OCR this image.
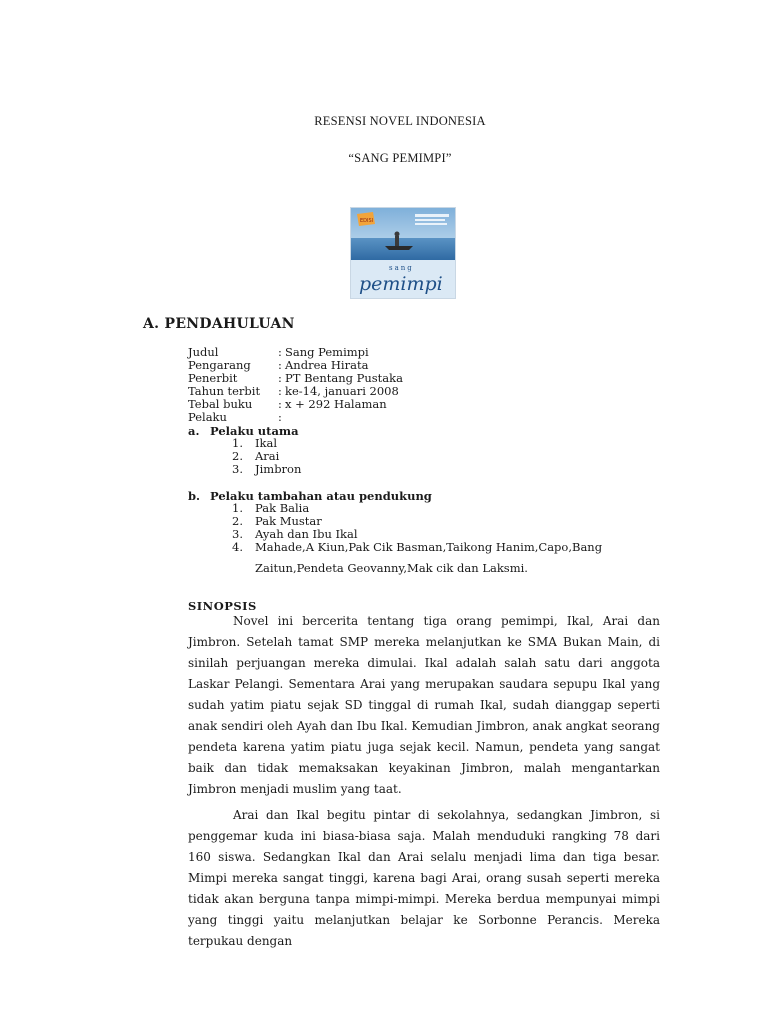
RESENSI NOVEL INDONESIA
“SANG PEMIMPI”
EDISI
sang
pemimpi
A. PENDAHULUAN
Judul	: Sang Pemimpi
Pengarang	: Andrea Hirata
Penerbit	: PT Bentang Pustaka
Tahun terbit	: ke-14, januari 2008
Tebal buku	: x + 292 Halaman
Pelaku	:
a. Pelaku utama
1.	Ikal
2.	Arai
3.	Jimbron
b. Pelaku tambahan atau pendukung
1.	Pak Balia
2.	Pak Mustar
3.	Ayah dan Ibu Ikal
4.	Mahade,A Kiun,Pak Cik Basman,Taikong Hanim,Capo,Bang
Zaitun,Pendeta Geovanny,Mak cik dan Laksmi.
SINOPSIS

Novel ini bercerita tentang tiga orang pemimpi, Ikal, Arai dan Jimbron. Setelah tamat SMP mereka melanjutkan ke SMA Bukan Main, di sinilah perjuangan mereka dimulai. Ikal adalah salah satu dari anggota Laskar Pelangi. Sementara Arai yang merupakan saudara sepupu Ikal yang sudah yatim piatu sejak SD tinggal di rumah Ikal, sudah dianggap seperti anak sendiri oleh Ayah dan Ibu Ikal. Kemudian Jimbron, anak angkat seorang pendeta karena yatim piatu juga sejak kecil. Namun, pendeta yang sangat baik dan tidak memaksakan keyakinan Jimbron, malah mengantarkan Jimbron menjadi muslim yang taat.

Arai dan Ikal begitu pintar di sekolahnya, sedangkan Jimbron, si penggemar kuda ini biasa-biasa saja. Malah menduduki rangking 78 dari 160 siswa. Sedangkan Ikal dan Arai selalu menjadi lima dan tiga besar. Mimpi mereka sangat tinggi, karena bagi Arai, orang susah seperti mereka tidak akan berguna tanpa mimpi-mimpi. Mereka berdua mempunyai mimpi yang tinggi yaitu melanjutkan belajar ke Sorbonne Perancis. Mereka terpukau dengan
